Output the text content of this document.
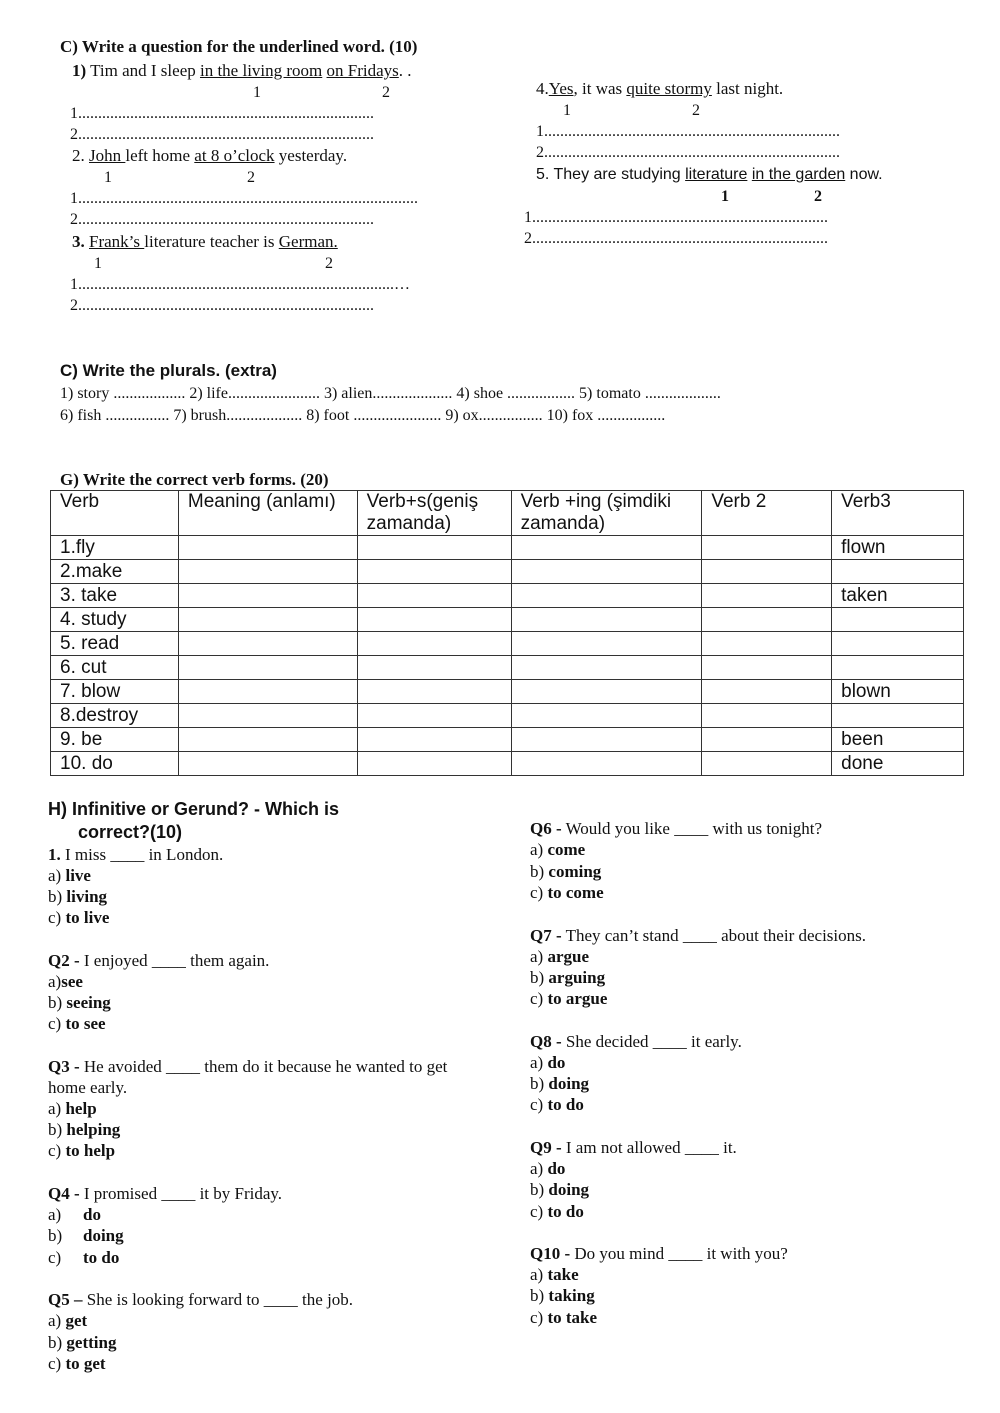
C) Write a question for the underlined word. (10)
1) Tim and I sleep in the living room on Fridays. .
1	2
1..........................................................................
2..........................................................................
2. John left home at 8 o’clock yesterday.
1	2
1.....................................................................................
2..........................................................................
3. Frank’s literature teacher is German.
1	2
1...............................................................................…
2..........................................................................
4.Yes, it was quite stormy last night.
1	2
1..........................................................................
2..........................................................................
5. They are studying literature in the garden now.
1	2
1..........................................................................
2..........................................................................
C) Write the plurals. (extra)
1) story .................. 2) life....................... 3) alien.................... 4) shoe ................. 5) tomato ...................
6) fish ................ 7) brush................... 8) foot ...................... 9) ox................ 10) fox .................
G) Write the correct verb forms. (20)
Verb	Meaning (anlamı)	Verb+s(geniş zamanda)	Verb +ing (şimdiki zamanda)	Verb 2	Verb3
1.fly					flown
2.make					
3. take					taken
4. study					
5. read					
6. cut					
7. blow					blown
8.destroy					
9. be					been
10. do					done
H) Infinitive or Gerund? - Which is
correct?(10)
1. I miss ____ in London.
a) live
b) living
c) to live
Q2 - I enjoyed ____ them again.
a)see
b) seeing
c) to see
Q3 - He avoided ____ them do it because he wanted to get
home early.
a) help
b) helping
c) to help
Q4 - I promised ____ it by Friday.
a) do
b) doing
c) to do
Q5 – She is looking forward to ____ the job.
a) get
b) getting
c) to get
Q6 - Would you like ____ with us tonight?
a) come
b) coming
c) to come
Q7 - They can’t stand ____ about their decisions.
a) argue
b) arguing
c) to argue
Q8 - She decided ____ it early.
a) do
b) doing
c) to do
Q9 - I am not allowed ____ it.
a) do
b) doing
c) to do
Q10 - Do you mind ____ it with you?
a) take
b) taking
c) to take
